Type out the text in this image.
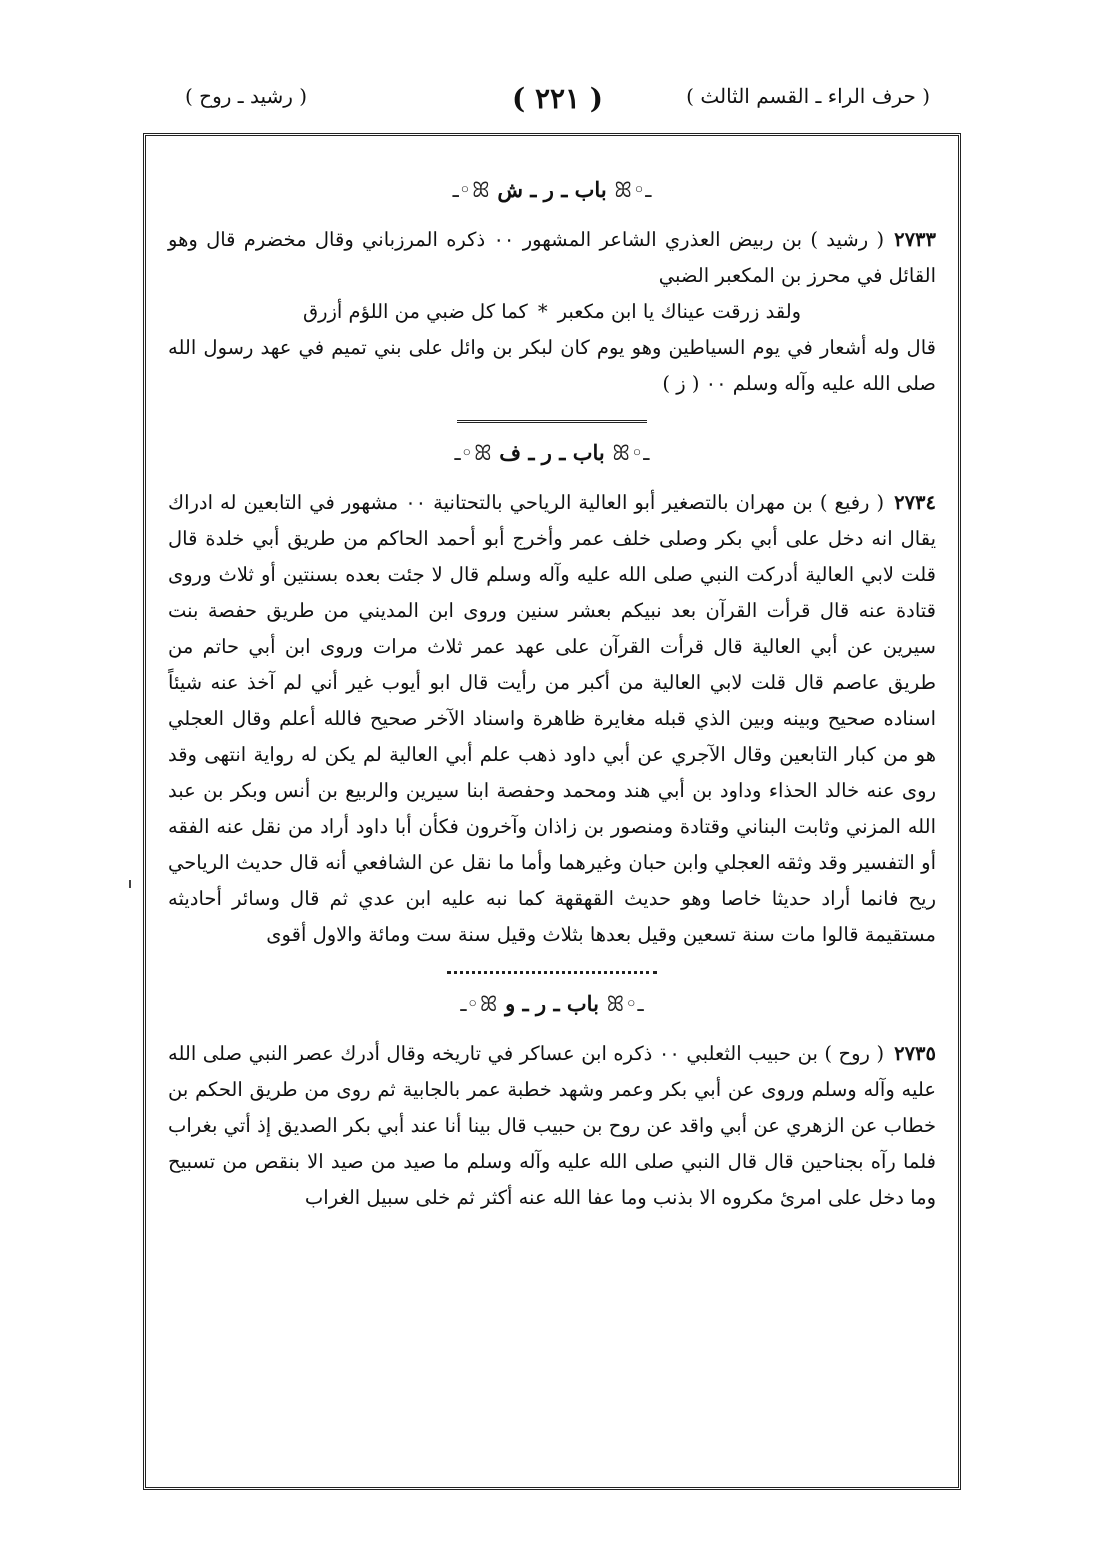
( حرف الراء ـ القسم الثالث )
( ٢٢١ )
( رشيد ـ روح )
ـ◦ꕤ باب ـ ر ـ ش ꕤ◦ـ

٢٧٣٣( رشيد ) بن ربيض العذري الشاعر المشهور ٠٠ ذكره المرزباني وقال مخضرم قال وهو القائل في محرز بن المكعبر الضبي

ولقد زرقت عيناك يا ابن مكعبر*كما كل ضبي من اللؤم أزرق

قال وله أشعار في يوم السياطين وهو يوم كان لبكر بن وائل على بني تميم في عهد رسول الله صلى الله عليه وآله وسلم ٠٠ ( ز )

ـ◦ꕤ باب ـ ر ـ ف ꕤ◦ـ

٢٧٣٤( رفيع ) بن مهران بالتصغير أبو العالية الرياحي بالتحتانية ٠٠ مشهور في التابعين له ادراك يقال انه دخل على أبي بكر وصلى خلف عمر وأخرج أبو أحمد الحاكم من طريق أبي خلدة قال قلت لابي العالية أدركت النبي صلى الله عليه وآله وسلم قال لا جئت بعده بسنتين أو ثلاث وروى قتادة عنه قال قرأت القرآن بعد نبيكم بعشر سنين وروى ابن المديني من طريق حفصة بنت سيرين عن أبي العالية قال قرأت القرآن على عهد عمر ثلاث مرات وروى ابن أبي حاتم من طريق عاصم قال قلت لابي العالية من أكبر من رأيت قال ابو أيوب غير أني لم آخذ عنه شيئاً اسناده صحيح وبينه وبين الذي قبله مغايرة ظاهرة واسناد الآخر صحيح فالله أعلم وقال العجلي هو من كبار التابعين وقال الآجري عن أبي داود ذهب علم أبي العالية لم يكن له رواية انتهى وقد روى عنه خالد الحذاء وداود بن أبي هند ومحمد وحفصة ابنا سيرين والربيع بن أنس وبكر بن عبد الله المزني وثابت البناني وقتادة ومنصور بن زاذان وآخرون فكأن أبا داود أراد من نقل عنه الفقه أو التفسير وقد وثقه العجلي وابن حبان وغيرهما وأما ما نقل عن الشافعي أنه قال حديث الرياحي ريح فانما أراد حديثا خاصا وهو حديث القهقهة كما نبه عليه ابن عدي ثم قال وسائر أحاديثه مستقيمة قالوا مات سنة تسعين وقيل بعدها بثلاث وقيل سنة ست ومائة والاول أقوى

ـ◦ꕤ باب ـ ر ـ و ꕤ◦ـ

٢٧٣٥( روح ) بن حبيب الثعلبي ٠٠ ذكره ابن عساكر في تاريخه وقال أدرك عصر النبي صلى الله عليه وآله وسلم وروى عن أبي بكر وعمر وشهد خطبة عمر بالجابية ثم روى من طريق الحكم بن خطاب عن الزهري عن أبي واقد عن روح بن حبيب قال بينا أنا عند أبي بكر الصديق إذ أتي بغراب فلما رآه بجناحين قال قال النبي صلى الله عليه وآله وسلم ما صيد من صيد الا بنقص من تسبيح وما دخل على امرئ مكروه الا بذنب وما عفا الله عنه أكثر ثم خلى سبيل الغراب
